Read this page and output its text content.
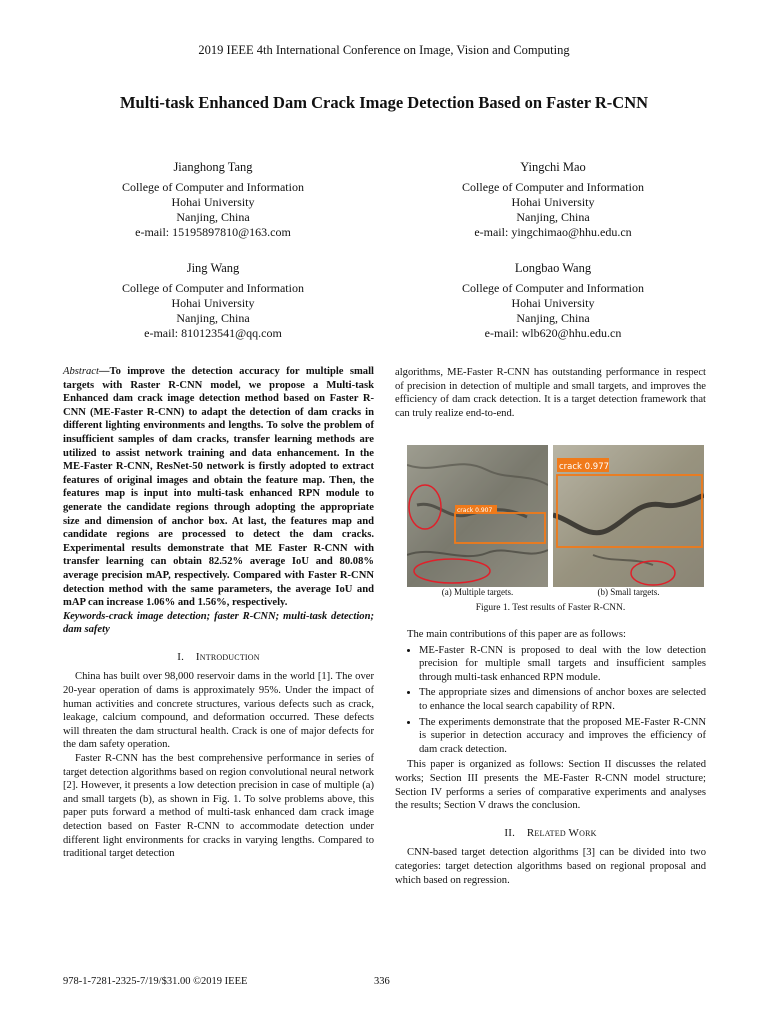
2019 IEEE 4th International Conference on Image, Vision and Computing
Multi-task Enhanced Dam Crack Image Detection Based on Faster R-CNN
Jianghong Tang
College of Computer and Information
Hohai University
Nanjing, China
e-mail: 15195897810@163.com
Yingchi Mao
College of Computer and Information
Hohai University
Nanjing, China
e-mail: yingchimao@hhu.edu.cn
Jing Wang
College of Computer and Information
Hohai University
Nanjing, China
e-mail: 810123541@qq.com
Longbao Wang
College of Computer and Information
Hohai University
Nanjing, China
e-mail: wlb620@hhu.edu.cn

Abstract—To improve the detection accuracy for multiple small targets with Raster R-CNN model, we propose a Multi-task Enhanced dam crack image detection method based on Faster R-CNN (ME-Faster R-CNN) to adapt the detection of dam cracks in different lighting environments and lengths. To solve the problem of insufficient samples of dam cracks, transfer learning methods are utilized to assist network training and data enhancement. In the ME-Faster R-CNN, ResNet-50 network is firstly adopted to extract features of original images and obtain the feature map. Then, the features map is input into multi-task enhanced RPN module to generate the candidate regions through adopting the appropriate size and dimension of anchor box. At last, the features map and candidate regions are processed to detect the dam cracks. Experimental results demonstrate that ME Faster R-CNN with transfer learning can obtain 82.52% average IoU and 80.08% average precision mAP, respectively. Compared with Faster R-CNN detection method with the same parameters, the average IoU and mAP can increase 1.06% and 1.56%, respectively.

Keywords-crack image detection; faster R-CNN; multi-task detection; dam safety

I. Introduction

China has built over 98,000 reservoir dams in the world [1]. The over 20-year operation of dams is approximately 95%. Under the impact of human activities and concrete structures, various defects such as crack, leakage, calcium compound, and deformation occurred. These defects will threaten the dam structural health. Crack is one of major defects for the dam safety operation.

Faster R-CNN has the best comprehensive performance in series of target detection algorithms based on region convolutional neural network [2]. However, it presents a low detection precision in case of multiple (a) and small targets (b), as shown in Fig. 1. To solve problems above, this paper puts forward a method of multi-task enhanced dam crack image detection based on Faster R-CNN to accommodate detection under different light environments for cracks in varying lengths. Compared to traditional target detection

algorithms, ME-Faster R-CNN has outstanding performance in respect of precision in detection of multiple and small targets, and improves the efficiency of dam crack detection. It is a target detection framework that can truly realize end-to-end.

crack 0.907
crack 0.977
(a) Multiple targets.	(b) Small targets.
Figure 1. Test results of Faster R-CNN.

The main contributions of this paper are as follows:

• ME-Faster R-CNN is proposed to deal with the low detection precision for multiple small targets and insufficient samples through multi-task enhanced RPN module.
• The appropriate sizes and dimensions of anchor boxes are selected to enhance the local search capability of RPN.
• The experiments demonstrate that the proposed ME-Faster R-CNN is superior in detection accuracy and improves the efficiency of dam crack detection.

This paper is organized as follows: Section II discusses the related works; Section III presents the ME-Faster R-CNN model structure; Section IV performs a series of comparative experiments and analyses the results; Section V draws the conclusion.

II. Related Work

CNN-based target detection algorithms [3] can be divided into two categories: target detection algorithms based on regional proposal and which based on regression.

978-1-7281-2325-7/19/$31.00 ©2019 IEEE	336
